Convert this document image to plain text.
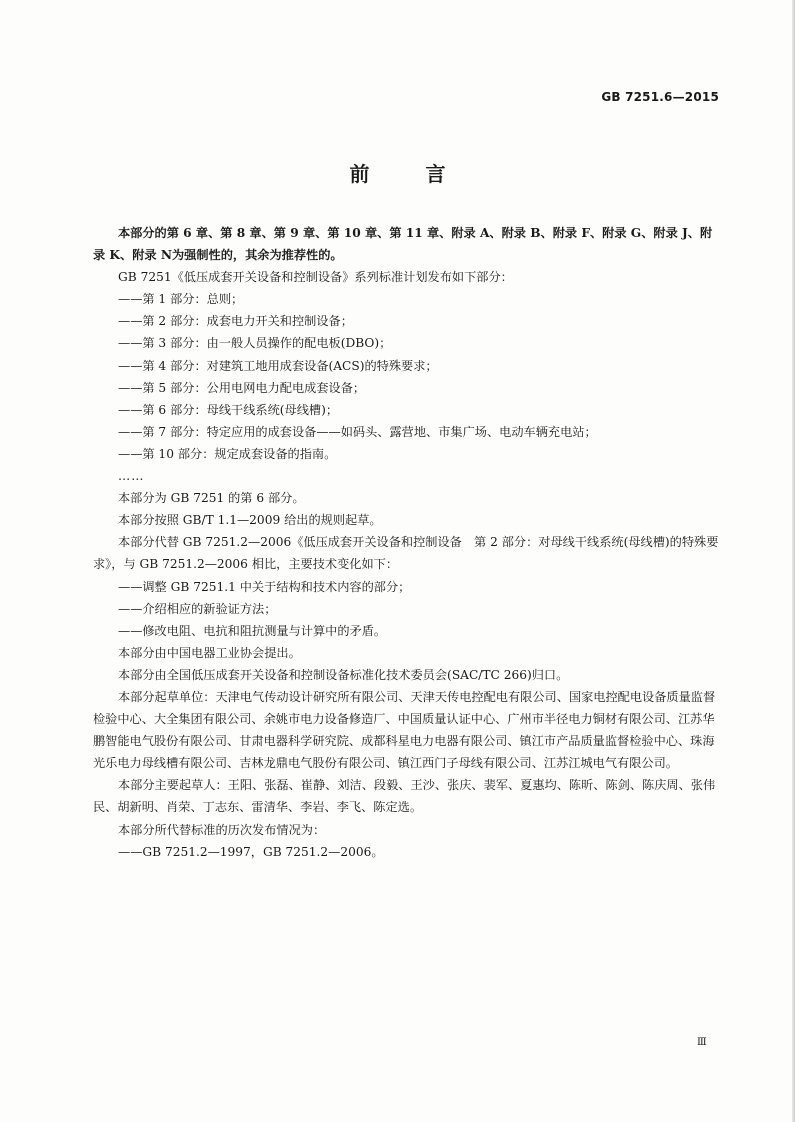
GB 7251.6—2015
前　言

本部分的第 6 章、第 8 章、第 9 章、第 10 章、第 11 章、附录 A、附录 B、附录 F、附录 G、附录 J、附录 K、附录 N为强制性的，其余为推荐性的。

GB 7251《低压成套开关设备和控制设备》系列标准计划发布如下部分：

——第 1 部分：总则；

——第 2 部分：成套电力开关和控制设备；

——第 3 部分：由一般人员操作的配电板(DBO)；

——第 4 部分：对建筑工地用成套设备(ACS)的特殊要求；

——第 5 部分：公用电网电力配电成套设备；

——第 6 部分：母线干线系统(母线槽)；

——第 7 部分：特定应用的成套设备——如码头、露营地、市集广场、电动车辆充电站；

——第 10 部分：规定成套设备的指南。

……

本部分为 GB 7251 的第 6 部分。

本部分按照 GB/T 1.1—2009 给出的规则起草。

本部分代替 GB 7251.2—2006《低压成套开关设备和控制设备　第 2 部分：对母线干线系统(母线槽)的特殊要求》，与 GB 7251.2—2006 相比，主要技术变化如下：

——调整 GB 7251.1 中关于结构和技术内容的部分；

——介绍相应的新验证方法；

——修改电阻、电抗和阻抗测量与计算中的矛盾。

本部分由中国电器工业协会提出。

本部分由全国低压成套开关设备和控制设备标准化技术委员会(SAC/TC 266)归口。

本部分起草单位：天津电气传动设计研究所有限公司、天津天传电控配电有限公司、国家电控配电设备质量监督检验中心、大全集团有限公司、余姚市电力设备修造厂、中国质量认证中心、广州市半径电力铜材有限公司、江苏华鹏智能电气股份有限公司、甘肃电器科学研究院、成都科星电力电器有限公司、镇江市产品质量监督检验中心、珠海光乐电力母线槽有限公司、吉林龙鼎电气股份有限公司、镇江西门子母线有限公司、江苏江城电气有限公司。

本部分主要起草人：王阳、张磊、崔静、刘洁、段毅、王沙、张庆、裴军、夏惠均、陈昕、陈剑、陈庆周、张伟民、胡新明、肖荣、丁志东、雷清华、李岩、李飞、陈定选。

本部分所代替标准的历次发布情况为：

——GB 7251.2—1997，GB 7251.2—2006。

Ⅲ
